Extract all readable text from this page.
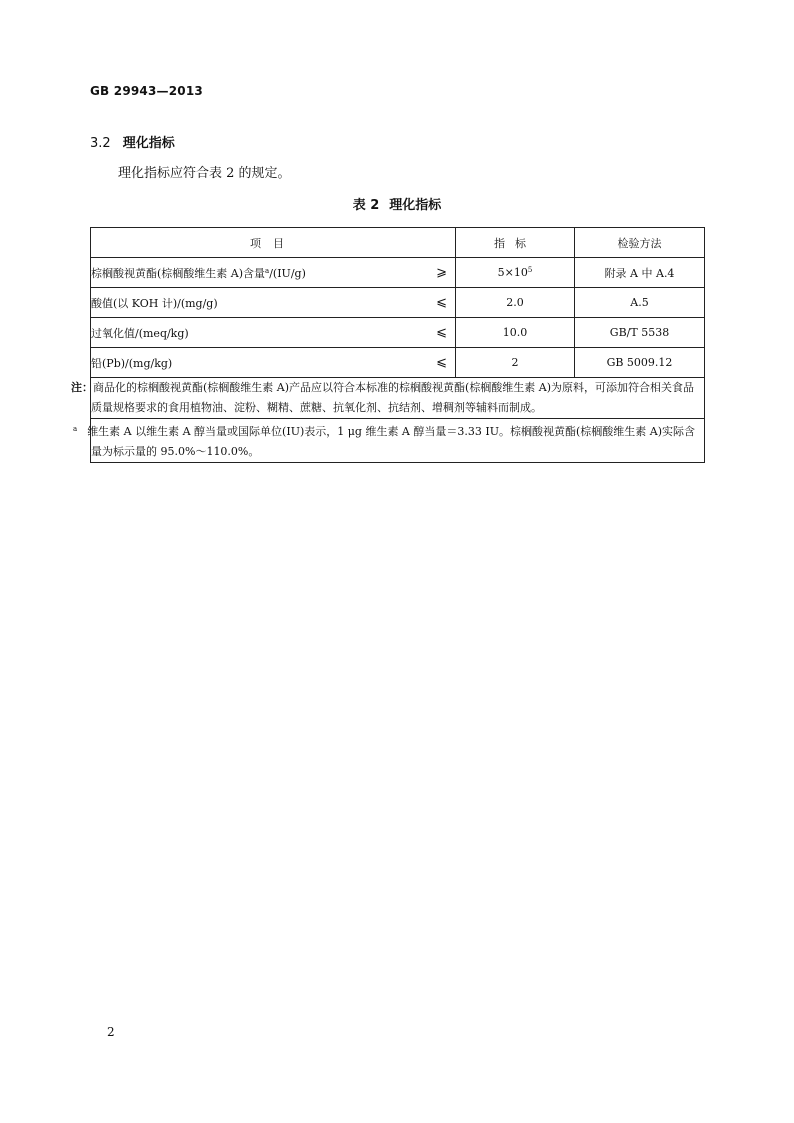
GB 29943—2013
3.2 理化指标
理化指标应符合表 2 的规定。
表 2 理化指标
项目	指标	检验方法

棕榈酸视黄酯(棕榈酸维生素 A)含量$^a$/(IU/g) ⩾	$5\times 10^5$	附录 A 中 A.4

酸值(以 KOH 计)/(mg/g) ⩽	2.0	A.5

过氧化值/(meq/kg) ⩽	10.0	GB/T 5538

铅(Pb)/(mg/kg) ⩽	2	GB 5009.12
注：商品化的棕榈酸视黄酯(棕榈酸维生素 A)产品应以符合本标准的棕榈酸视黄酯(棕榈酸维生素 A)为原料，可添加符合相关食品质量规格要求的食用植物油、淀粉、糊精、蔗糖、抗氧化剂、抗结剂、增稠剂等辅料而制成。		
$^a$ 维生素 A 以维生素 A 醇当量或国际单位(IU)表示，1 μg 维生素 A 醇当量＝3.33 IU。棕榈酸视黄酯(棕榈酸维生素 A)实际含量为标示量的 95.0%～110.0%。		
2
